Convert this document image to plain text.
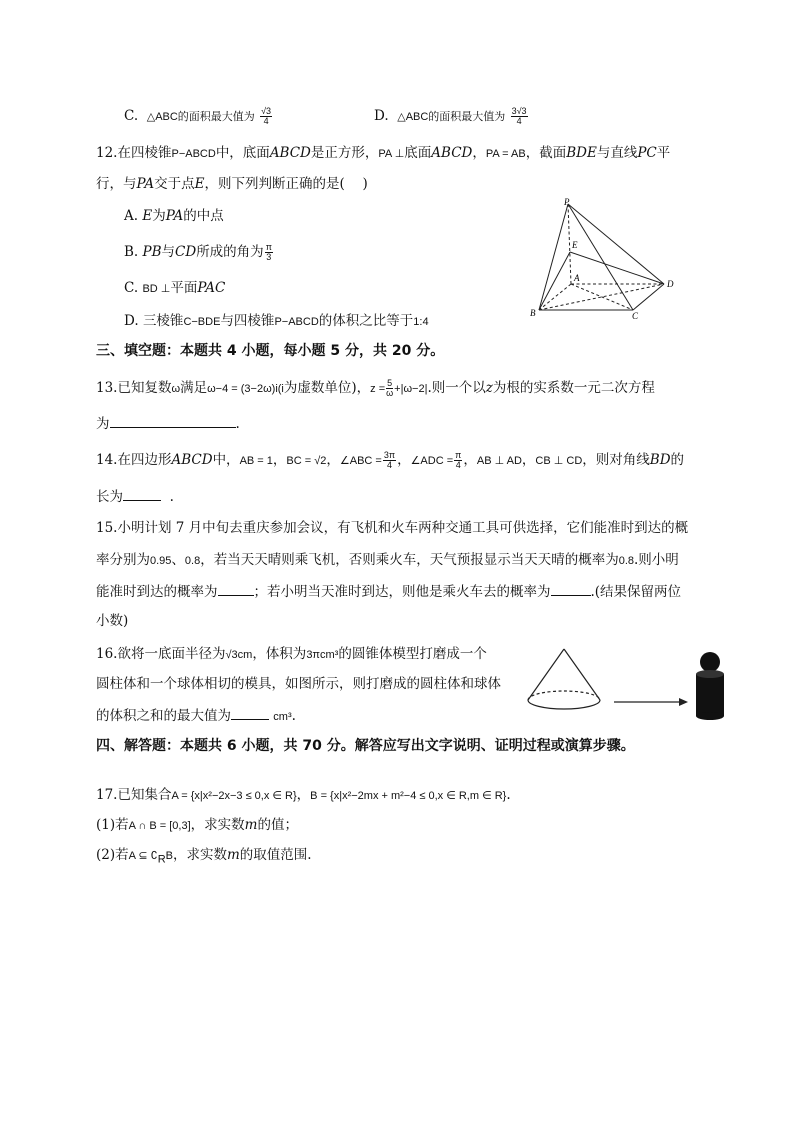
C. △ABC的面积最大值为 $\frac{√3}{4}$	D. △ABC的面积最大值为 $\frac{3√3}{4}$
12.在四棱锥P−ABCD中，底面ABCD是正方形，PA ⊥底面ABCD，PA = AB，截面BDE与直线PC平
行，与PA交于点E，则下列判断正确的是(　 )
A. E为PA的中点
B. PB与CD所成的角为 $\frac{\pi}{3}$
C. BD ⊥平面PAC
D. 三棱锥C−BDE与四棱锥P−ABCD的体积之比等于1:4
P
E
A
D
B	C
三、填空题：本题共 4 小题，每小题 5 分，共 20 分。
13.已知复数ω满足ω−4 = (3−2ω)i(i为虚数单位)，$z = \frac{5}{\omega} +|\omega-2|$.则一个以z为根的实系数一元二次方程
为	.
14.在四边形ABCD中，AB = 1，BC = √2，∠ABC = $\frac{3\pi}{4}$ ，∠ADC = $\frac{\pi}{4}$ ，AB ⊥ AD，CB ⊥ CD，则对角线BD的
长为	.
15.小明计划 7 月中旬去重庆参加会议，有飞机和火车两种交通工具可供选择，它们能准时到达的概
率分别为0.95、0.8，若当天天晴则乘飞机，否则乘火车，天气预报显示当天天晴的概率为0.8.则小明
能准时到达的概率为	；若小明当天准时到达，则他是乘火车去的概率为	.(结果保留两位
小数)
16.欲将一底面半径为√3cm，体积为3πcm³的圆锥体模型打磨成一个
圆柱体和一个球体相切的模具，如图所示，则打磨成的圆柱体和球体
的体积之和的最大值为	cm³.
四、解答题：本题共 6 小题，共 70 分。解答应写出文字说明、证明过程或演算步骤。
17.已知集合A = {x|x²−2x−3 ≤ 0,x ∈ R}，B = {x|x²−2mx + m²−4 ≤ 0,x ∈ R,m ∈ R}.
(1)若A ∩ B = [0,3]，求实数m的值；
(2)若A ⊆ $∁_RB$，求实数m的取值范围.
